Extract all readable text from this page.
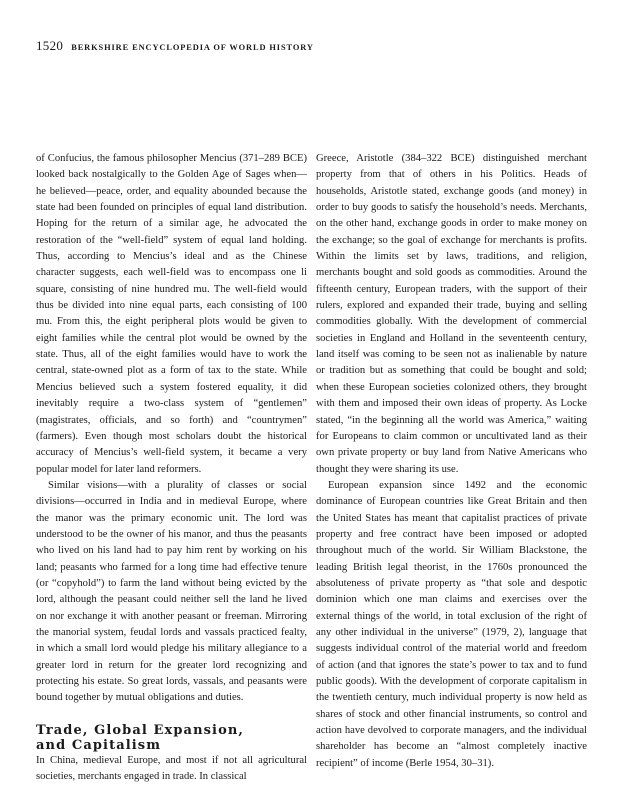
1520 BERKSHIRE ENCYCLOPEDIA OF WORLD HISTORY

of Confucius, the famous philosopher Mencius (371–289 BCE) looked back nostalgically to the Golden Age of Sages when—he believed—peace, order, and equality abounded because the state had been founded on principles of equal land distribution. Hoping for the return of a similar age, he advocated the restoration of the “well-field” system of equal land holding. Thus, according to Mencius’s ideal and as the Chinese character suggests, each well-field was to encompass one li square, consisting of nine hundred mu. The well-field would thus be divided into nine equal parts, each consisting of 100 mu. From this, the eight peripheral plots would be given to eight families while the central plot would be owned by the state. Thus, all of the eight families would have to work the central, state-owned plot as a form of tax to the state. While Mencius believed such a system fostered equality, it did inevitably require a two-class system of “gentlemen” (magistrates, officials, and so forth) and “countrymen” (farmers). Even though most scholars doubt the historical accuracy of Mencius’s well-field system, it became a very popular model for later land reformers.

Similar visions—with a plurality of classes or social divisions—occurred in India and in medieval Europe, where the manor was the primary economic unit. The lord was understood to be the owner of his manor, and thus the peasants who lived on his land had to pay him rent by working on his land; peasants who farmed for a long time had effective tenure (or “copyhold”) to farm the land without being evicted by the lord, although the peasant could neither sell the land he lived on nor exchange it with another peasant or freeman. Mirroring the manorial system, feudal lords and vassals practiced fealty, in which a small lord would pledge his military allegiance to a greater lord in return for the greater lord recognizing and protecting his estate. So great lords, vassals, and peasants were bound together by mutual obligations and duties.

Trade, Global Expansion,
and Capitalism

In China, medieval Europe, and most if not all agricultural societies, merchants engaged in trade. In classical

Greece, Aristotle (384–322 BCE) distinguished merchant property from that of others in his Politics. Heads of households, Aristotle stated, exchange goods (and money) in order to buy goods to satisfy the household’s needs. Merchants, on the other hand, exchange goods in order to make money on the exchange; so the goal of exchange for merchants is profits. Within the limits set by laws, traditions, and religion, merchants bought and sold goods as commodities. Around the fifteenth century, European traders, with the support of their rulers, explored and expanded their trade, buying and selling commodities globally. With the development of commercial societies in England and Holland in the seventeenth century, land itself was coming to be seen not as inalienable by nature or tradition but as something that could be bought and sold; when these European societies colonized others, they brought with them and imposed their own ideas of property. As Locke stated, “in the beginning all the world was America,” waiting for Europeans to claim common or uncultivated land as their own private property or buy land from Native Americans who thought they were sharing its use.

European expansion since 1492 and the economic dominance of European countries like Great Britain and then the United States has meant that capitalist practices of private property and free contract have been imposed or adopted throughout much of the world. Sir William Blackstone, the leading British legal theorist, in the 1760s pronounced the absoluteness of private property as “that sole and despotic dominion which one man claims and exercises over the external things of the world, in total exclusion of the right of any other individual in the universe” (1979, 2), language that suggests individual control of the material world and freedom of action (and that ignores the state’s power to tax and to fund public goods). With the development of corporate capitalism in the twentieth century, much individual property is now held as shares of stock and other financial instruments, so control and action have devolved to corporate managers, and the individual shareholder has become an “almost completely inactive recipient” of income (Berle 1954, 30–31).
